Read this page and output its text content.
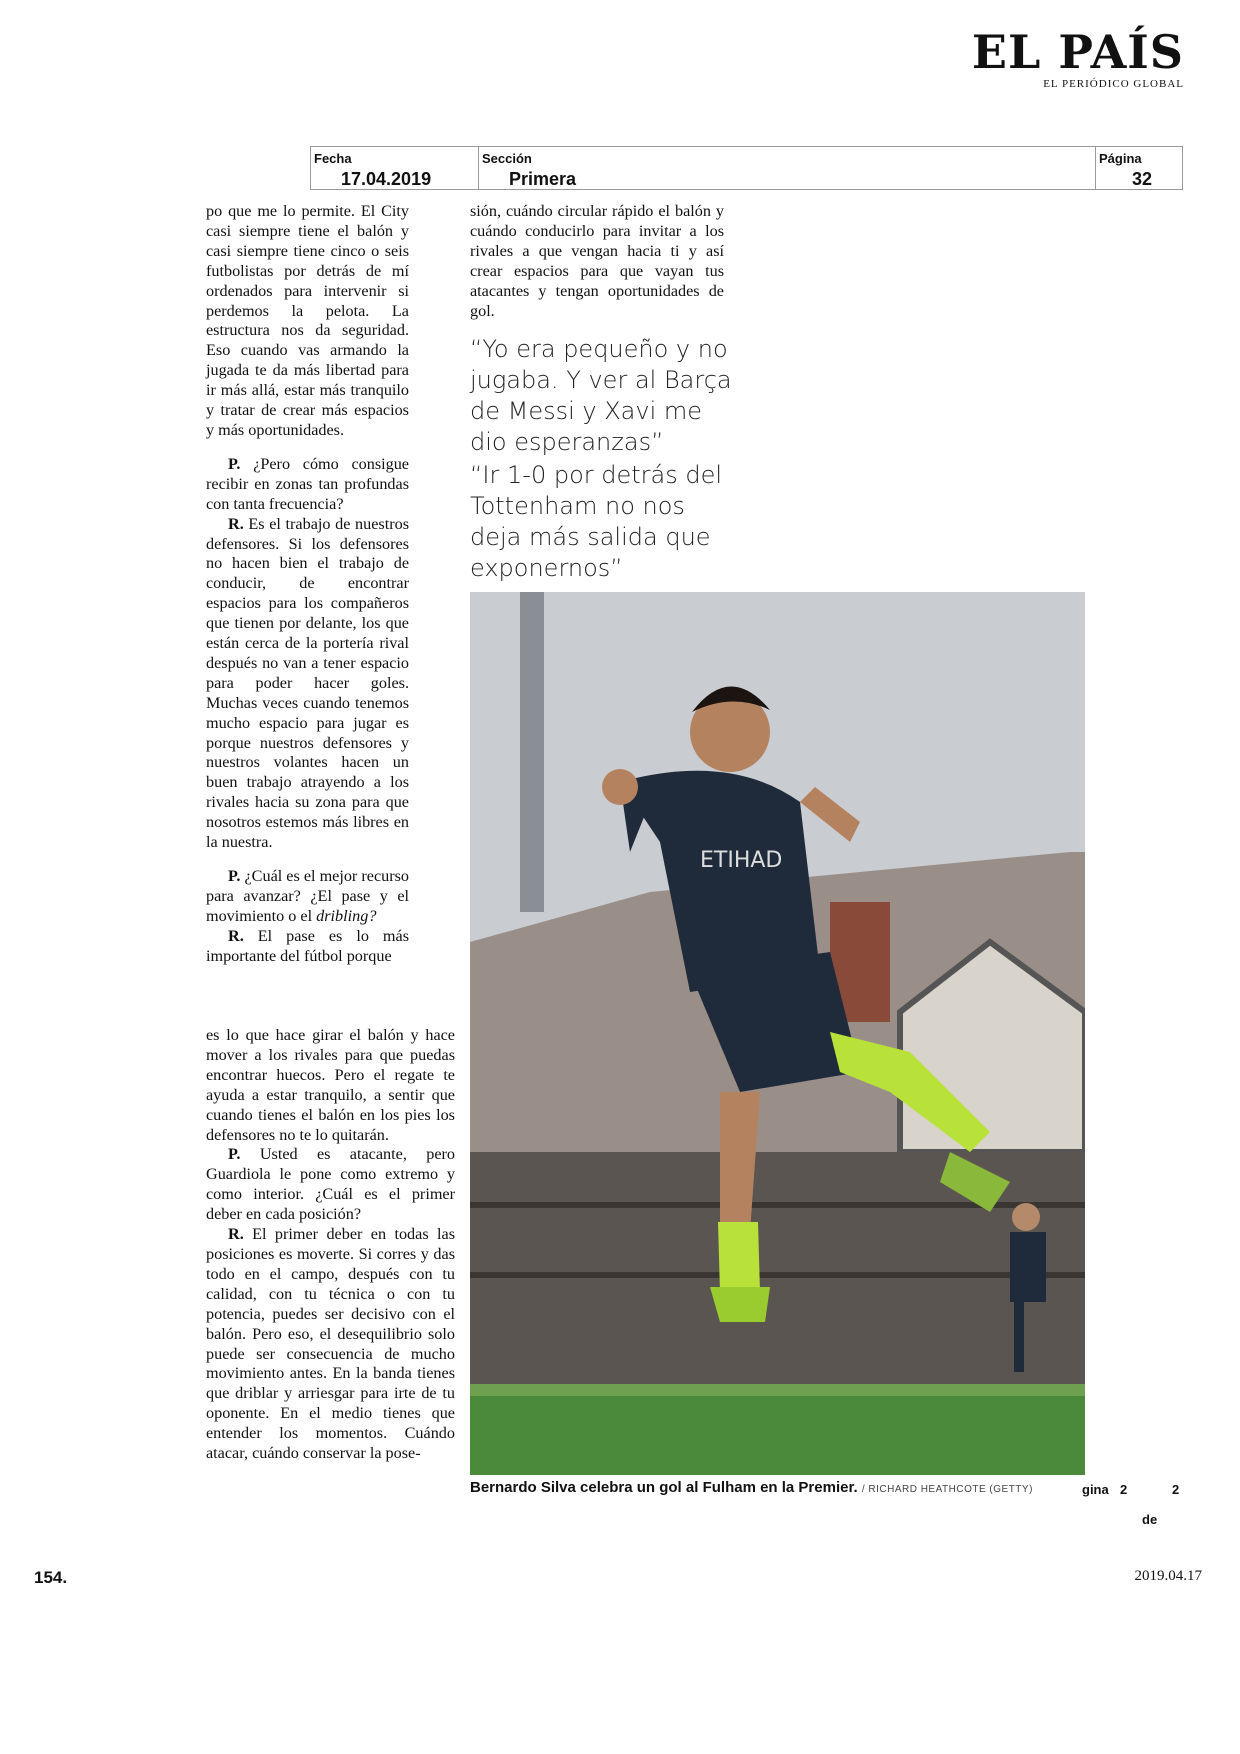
EL PAÍS
EL PERIÓDICO GLOBAL
Fecha
17.04.2019
Sección
Primera
Página
32

po que me lo permite. El City casi siempre tiene el balón y casi siempre tiene cinco o seis futbolistas por detrás de mí ordenados para intervenir si perdemos la pelota. La estructura nos da seguridad. Eso cuando vas armando la jugada te da más libertad para ir más allá, estar más tranquilo y tratar de crear más espacios y más oportunidades.

P. ¿Pero cómo consigue recibir en zonas tan profundas con tanta frecuencia?

R. Es el trabajo de nuestros defensores. Si los defensores no hacen bien el trabajo de conducir, de encontrar espacios para los compañeros que tienen por delante, los que están cerca de la portería rival después no van a tener espacio para poder hacer goles. Muchas veces cuando tenemos mucho espacio para jugar es porque nuestros defensores y nuestros volantes hacen un buen trabajo atrayendo a los rivales hacia su zona para que nosotros estemos más libres en la nuestra.

P. ¿Cuál es el mejor recurso para avanzar? ¿El pase y el movimiento o el dribling?

R. El pase es lo más importante del fútbol porque

es lo que hace girar el balón y hace mover a los rivales para que puedas encontrar huecos. Pero el regate te ayuda a estar tranquilo, a sentir que cuando tienes el balón en los pies los defensores no te lo quitarán.

P. Usted es atacante, pero Guardiola le pone como extremo y como interior. ¿Cuál es el primer deber en cada posición?

R. El primer deber en todas las posiciones es moverte. Si corres y das todo en el campo, después con tu calidad, con tu técnica o con tu potencia, puedes ser decisivo con el balón. Pero eso, el desequilibrio solo puede ser consecuencia de mucho movimiento antes. En la banda tienes que driblar y arriesgar para irte de tu oponente. En el medio tienes que entender los momentos. Cuándo atacar, cuándo conservar la pose-

sión, cuándo circular rápido el balón y cuándo conducirlo para invitar a los rivales a que vengan hacia ti y así crear espacios para que vayan tus atacantes y tengan oportunidades de gol.

“Yo era pequeño y no jugaba. Y ver al Barça de Messi y Xavi me dio esperanzas”
“Ir 1-0 por detrás del Tottenham no nos deja más salida que exponernos”
ETIHAD
Bernardo Silva celebra un gol al Fulham en la Premier. / RICHARD HEATHCOTE (GETTY)	gina 2	2
de
154.	2019.04.17
